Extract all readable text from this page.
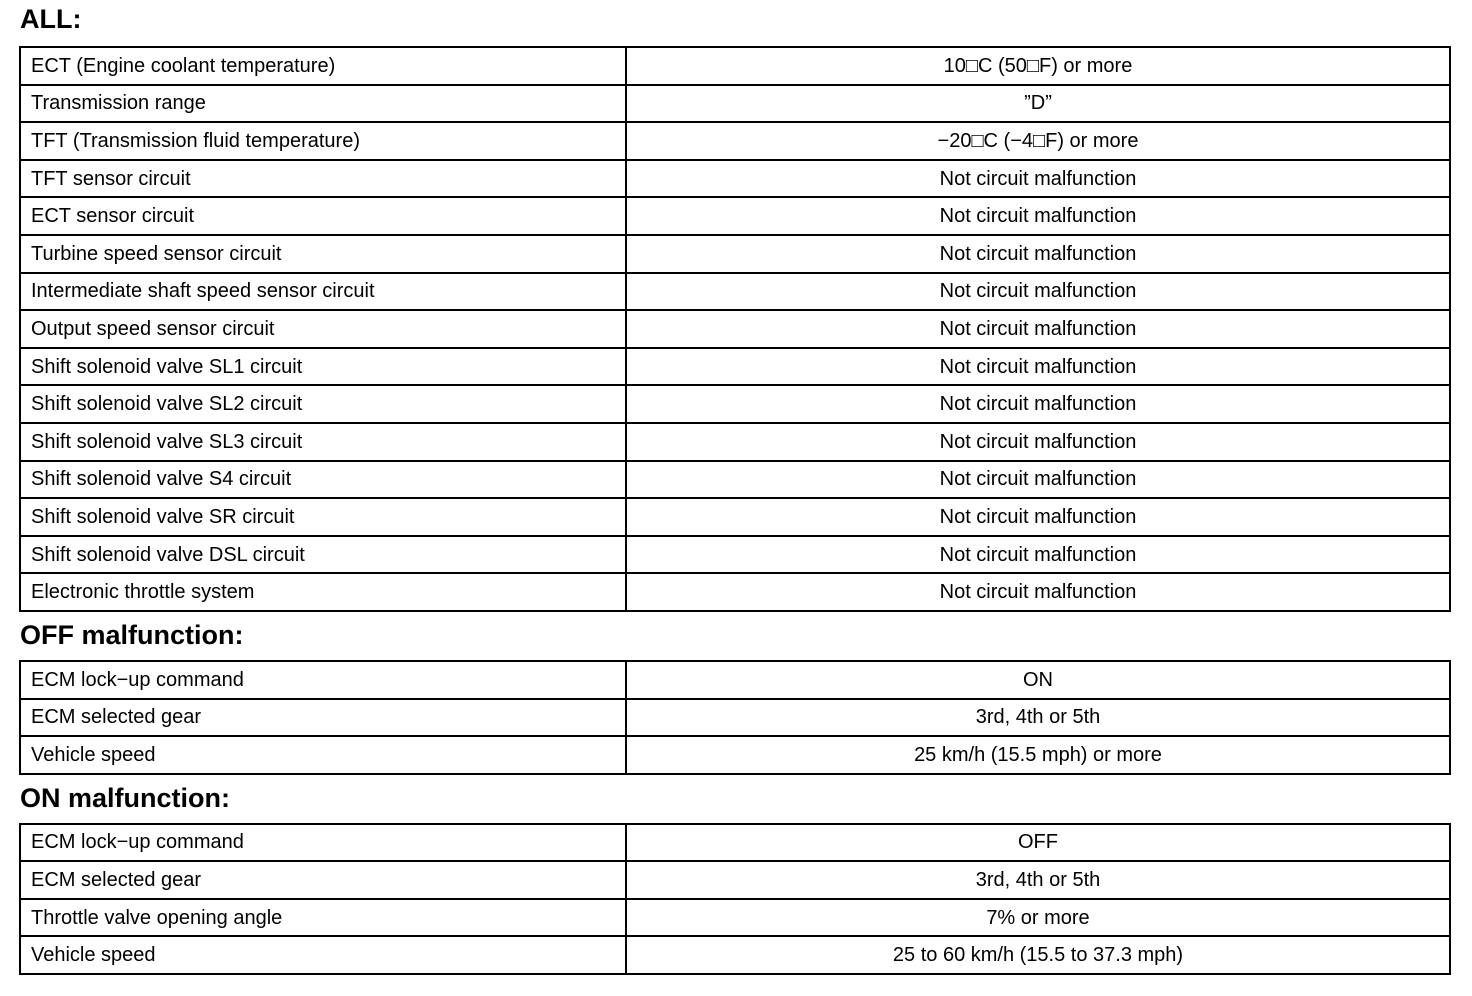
ALL:
ECT (Engine coolant temperature)	10□C (50□F) or more
Transmission range	”D”
TFT (Transmission fluid temperature)	−20□C (−4□F) or more
TFT sensor circuit	Not circuit malfunction
ECT sensor circuit	Not circuit malfunction
Turbine speed sensor circuit	Not circuit malfunction
Intermediate shaft speed sensor circuit	Not circuit malfunction
Output speed sensor circuit	Not circuit malfunction
Shift solenoid valve SL1 circuit	Not circuit malfunction
Shift solenoid valve SL2 circuit	Not circuit malfunction
Shift solenoid valve SL3 circuit	Not circuit malfunction
Shift solenoid valve S4 circuit	Not circuit malfunction
Shift solenoid valve SR circuit	Not circuit malfunction
Shift solenoid valve DSL circuit	Not circuit malfunction
Electronic throttle system	Not circuit malfunction
OFF malfunction:
ECM lock−up command	ON
ECM selected gear	3rd, 4th or 5th
Vehicle speed	25 km/h (15.5 mph) or more
ON malfunction:
ECM lock−up command	OFF
ECM selected gear	3rd, 4th or 5th
Throttle valve opening angle	7% or more
Vehicle speed	25 to 60 km/h (15.5 to 37.3 mph)
